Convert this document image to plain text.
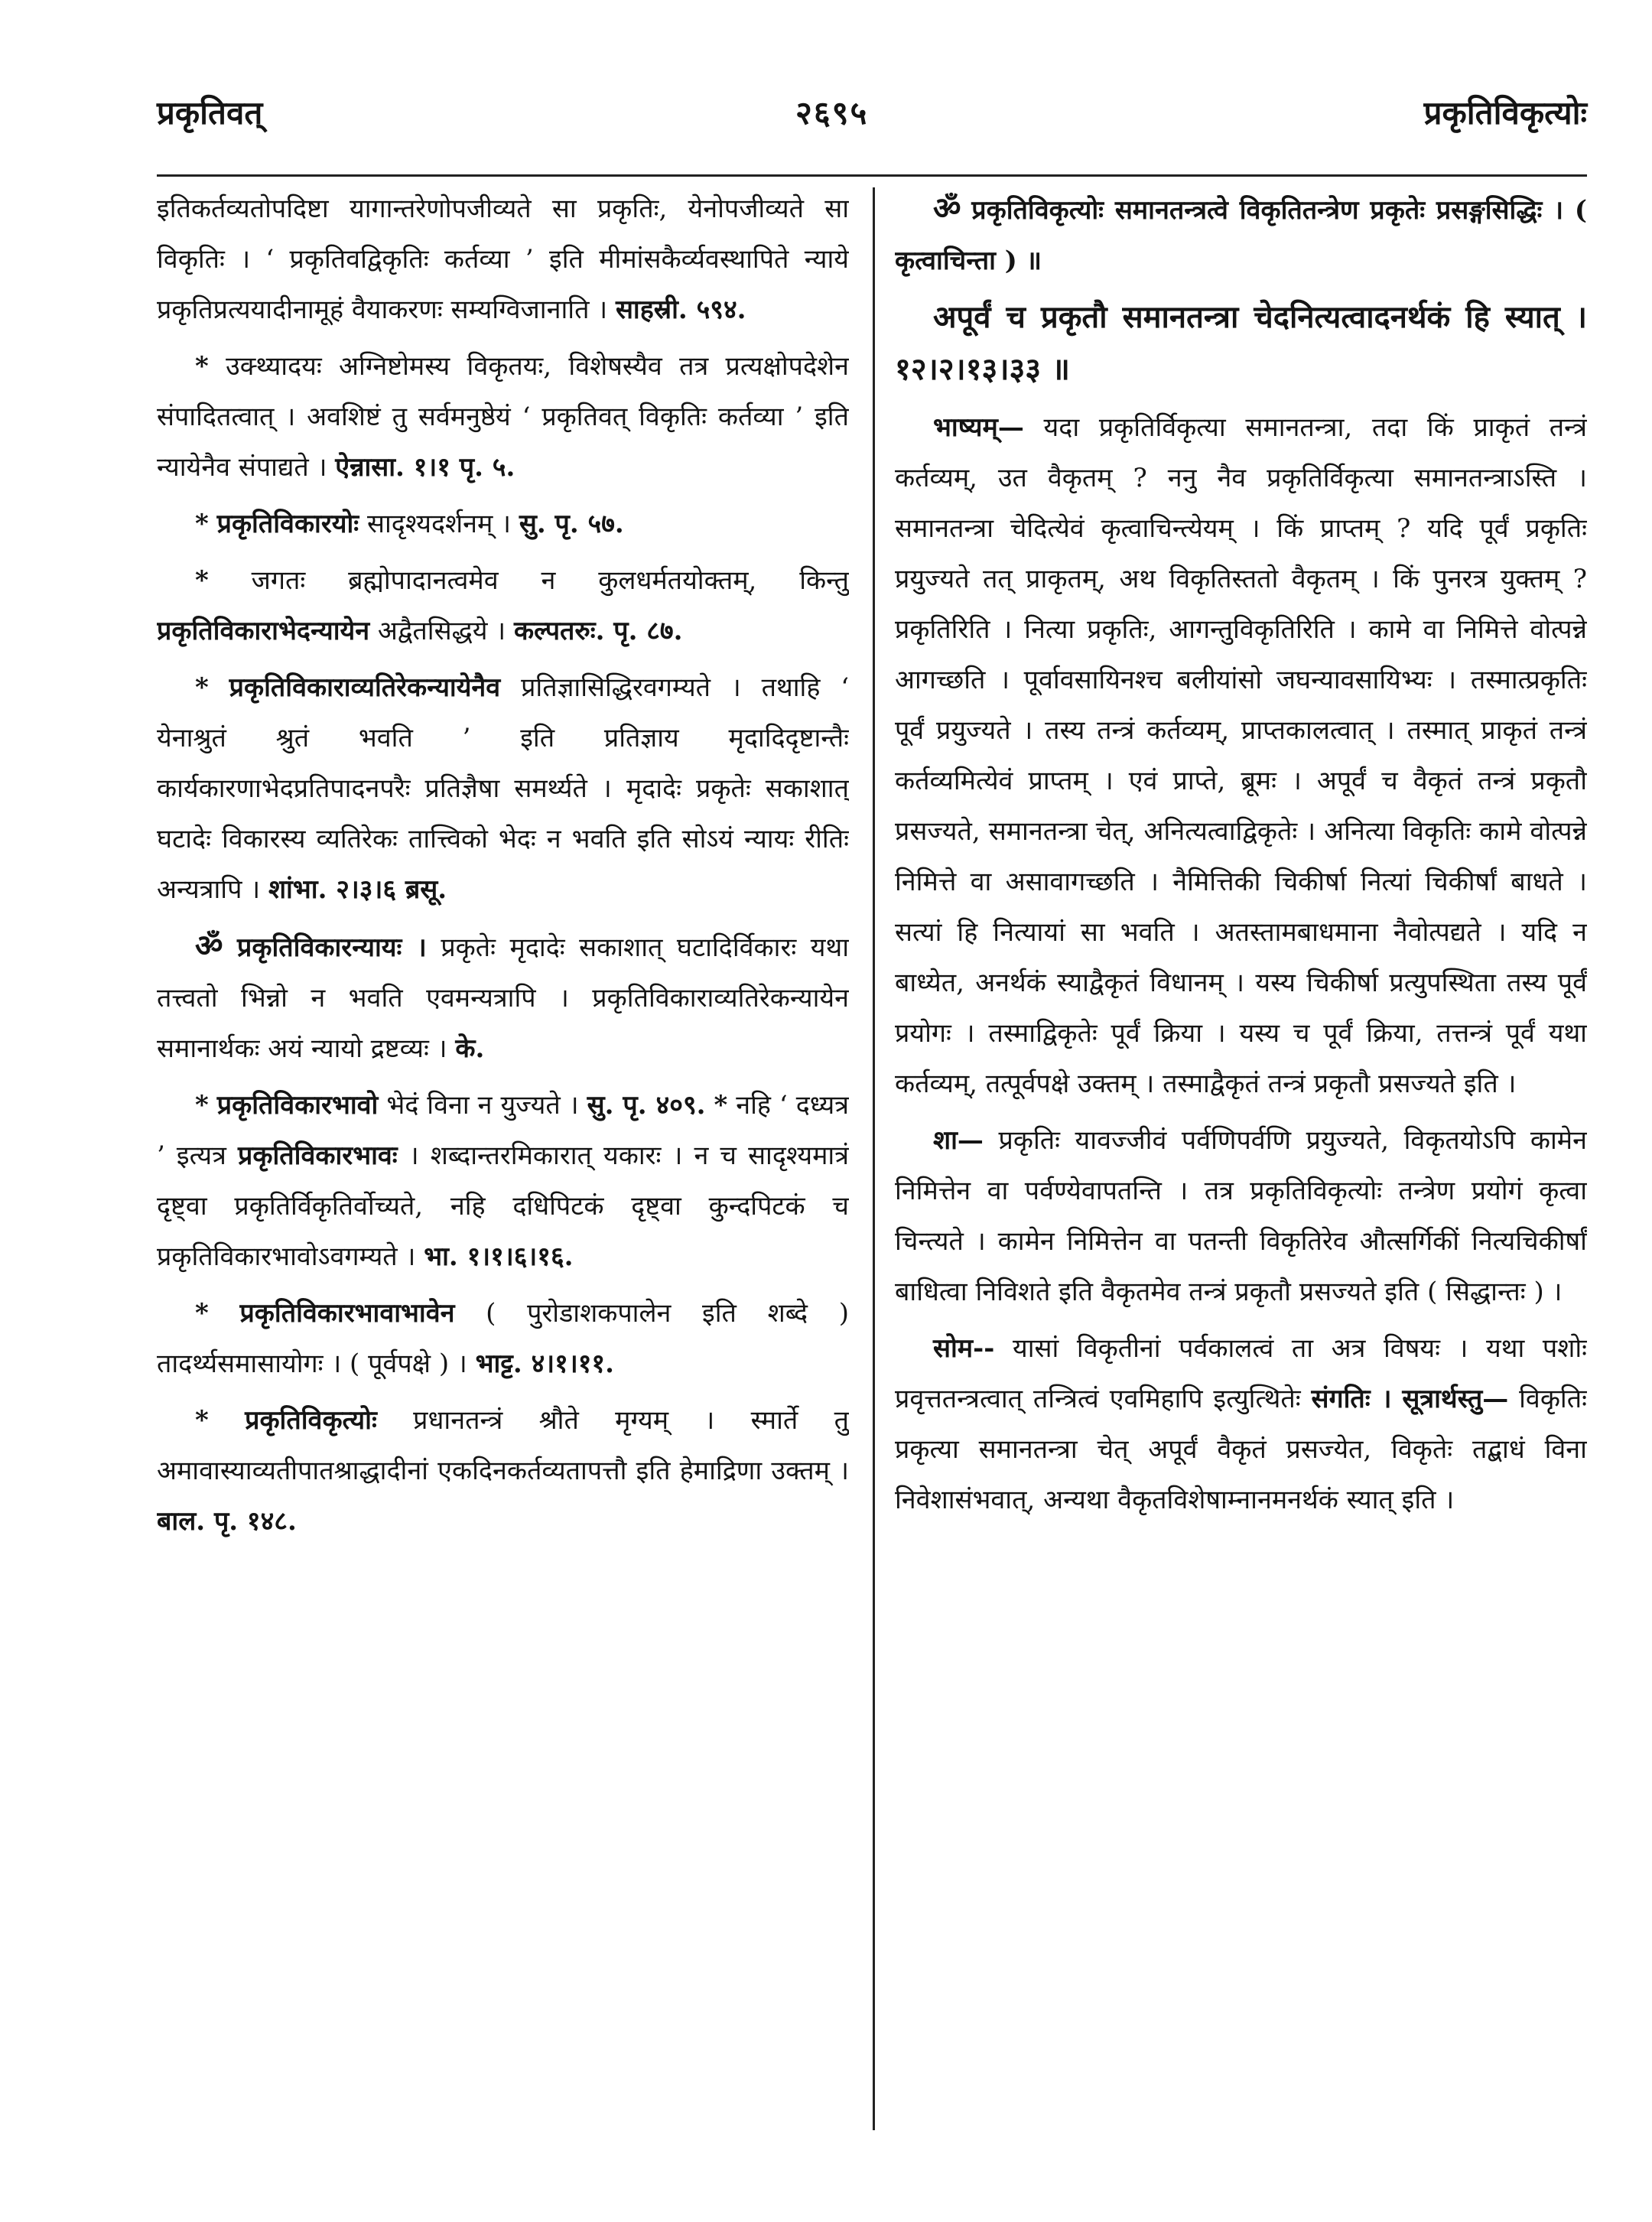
प्रकृतिवत्	२६९५	प्रकृतिविकृत्योः

इतिकर्तव्यतोपदिष्टा यागान्तरेणोपजीव्यते सा प्रकृतिः, येनोपजीव्यते सा विकृतिः । ‘ प्रकृतिवद्विकृतिः कर्तव्या ’ इति मीमांसकैर्व्यवस्थापिते न्याये प्रकृतिप्रत्ययादीनामूहं वैयाकरणः सम्यग्विजानाति । साहस्री. ५९४.

* उक्थ्यादयः अग्निष्टोमस्य विकृतयः, विशेषस्यैव तत्र प्रत्यक्षोपदेशेन संपादितत्वात् । अवशिष्टं तु सर्वमनुष्ठेयं ‘ प्रकृतिवत् विकृतिः कर्तव्या ’ इति न्यायेनैव संपाद्यते । ऐन्नासा. १।१ पृ. ५.

* प्रकृतिविकारयोः सादृश्यदर्शनम् । सु. पृ. ५७.

* जगतः ब्रह्मोपादानत्वमेव न कुलधर्मतयोक्तम्, किन्तु प्रकृतिविकाराभेदन्यायेन अद्वैतसिद्धये । कल्पतरुः. पृ. ८७.

* प्रकृतिविकाराव्यतिरेकन्यायेनैव प्रतिज्ञासिद्धिरवगम्यते । तथाहि ‘ येनाश्रुतं श्रुतं भवति ’ इति प्रतिज्ञाय मृदादिदृष्टान्तैः कार्यकारणाभेदप्रतिपादनपरैः प्रतिज्ञैषा समर्थ्यते । मृदादेः प्रकृतेः सकाशात् घटादेः विकारस्य व्यतिरेकः तात्त्विको भेदः न भवति इति सोऽयं न्यायः रीतिः अन्यत्रापि । शांभा. २।३।६ ब्रसू.

ॐ प्रकृतिविकारन्यायः । प्रकृतेः मृदादेः सकाशात् घटादिर्विकारः यथा तत्त्वतो भिन्नो न भवति एवमन्यत्रापि । प्रकृतिविकाराव्यतिरेकन्यायेन समानार्थकः अयं न्यायो द्रष्टव्यः । के.

* प्रकृतिविकारभावो भेदं विना न युज्यते । सु. पृ. ४०९. * नहि ‘ दध्यत्र ’ इत्यत्र प्रकृतिविकारभावः । शब्दान्तरमिकारात् यकारः । न च सादृश्यमात्रं दृष्ट्वा प्रकृतिर्विकृतिर्वोच्यते, नहि दधिपिटकं दृष्ट्वा कुन्दपिटकं च प्रकृतिविकारभावोऽवगम्यते । भा. १।१।६।१६.

* प्रकृतिविकारभावाभावेन ( पुरोडाशकपालेन इति शब्दे ) तादर्थ्यसमासायोगः । ( पूर्वपक्षे ) । भाट्ट. ४।१।११.

* प्रकृतिविकृत्योः प्रधानतन्त्रं श्रौते मृग्यम् । स्मार्ते तु अमावास्याव्यतीपातश्राद्धादीनां एकदिनकर्तव्यतापत्तौ इति हेमाद्रिणा उक्तम् । बाल. पृ. १४८.

ॐ प्रकृतिविकृत्योः समानतन्त्रत्वे विकृतितन्त्रेण प्रकृतेः प्रसङ्गसिद्धिः । ( कृत्वाचिन्ता ) ॥

अपूर्वं च प्रकृतौ समानतन्त्रा चेदनित्यत्वादनर्थकं हि स्यात् । १२।२।१३।३३ ॥

भाष्यम्— यदा प्रकृतिर्विकृत्या समानतन्त्रा, तदा किं प्राकृतं तन्त्रं कर्तव्यम्, उत वैकृतम् ? ननु नैव प्रकृतिर्विकृत्या समानतन्त्राऽस्ति । समानतन्त्रा चेदित्येवं कृत्वाचिन्त्येयम् । किं प्राप्तम् ? यदि पूर्वं प्रकृतिः प्रयुज्यते तत् प्राकृतम्, अथ विकृतिस्ततो वैकृतम् । किं पुनरत्र युक्तम् ? प्रकृतिरिति । नित्या प्रकृतिः, आगन्तुविकृतिरिति । कामे वा निमित्ते वोत्पन्ने आगच्छति । पूर्वावसायिनश्च बलीयांसो जघन्यावसायिभ्यः । तस्मात्प्रकृतिः पूर्वं प्रयुज्यते । तस्य तन्त्रं कर्तव्यम्, प्राप्तकालत्वात् । तस्मात् प्राकृतं तन्त्रं कर्तव्यमित्येवं प्राप्तम् । एवं प्राप्ते, ब्रूमः । अपूर्वं च वैकृतं तन्त्रं प्रकृतौ प्रसज्यते, समानतन्त्रा चेत्, अनित्यत्वाद्विकृतेः । अनित्या विकृतिः कामे वोत्पन्ने निमित्ते वा असावागच्छति । नैमित्तिकी चिकीर्षा नित्यां चिकीर्षां बाधते । सत्यां हि नित्यायां सा भवति । अतस्तामबाधमाना नैवोत्पद्यते । यदि न बाध्येत, अनर्थकं स्याद्वैकृतं विधानम् । यस्य चिकीर्षा प्रत्युपस्थिता तस्य पूर्वं प्रयोगः । तस्माद्विकृतेः पूर्वं क्रिया । यस्य च पूर्वं क्रिया, तत्तन्त्रं पूर्वं यथा कर्तव्यम्, तत्पूर्वपक्षे उक्तम् । तस्माद्वैकृतं तन्त्रं प्रकृतौ प्रसज्यते इति ।

शा— प्रकृतिः यावज्जीवं पर्वणिपर्वणि प्रयुज्यते, विकृतयोऽपि कामेन निमित्तेन वा पर्वण्येवापतन्ति । तत्र प्रकृतिविकृत्योः तन्त्रेण प्रयोगं कृत्वा चिन्त्यते । कामेन निमित्तेन वा पतन्ती विकृतिरेव औत्सर्गिकीं नित्यचिकीर्षां बाधित्वा निविशते इति वैकृतमेव तन्त्रं प्रकृतौ प्रसज्यते इति ( सिद्धान्तः ) ।

सोम-- यासां विकृतीनां पर्वकालत्वं ता अत्र विषयः । यथा पशोः प्रवृत्ततन्त्रत्वात् तन्त्रित्वं एवमिहापि इत्युत्थितेः संगतिः । सूत्रार्थस्तु— विकृतिः प्रकृत्या समानतन्त्रा चेत् अपूर्वं वैकृतं प्रसज्येत, विकृतेः तद्बाधं विना निवेशासंभवात्, अन्यथा वैकृतविशेषाम्नानमनर्थकं स्यात् इति ।
